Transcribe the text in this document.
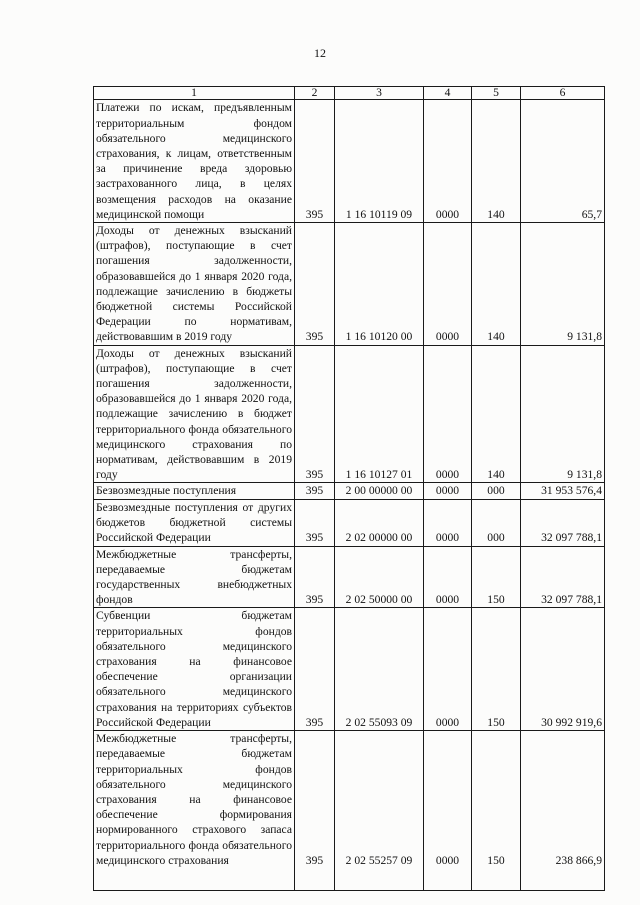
12
1	2	3	4	5	6
Платежи по искам, предъявленным территориальным фондом обязательного медицинского страхования, к лицам, ответственным за причинение вреда здоровью застрахованного лица, в целях возмещения расходов на оказание медицинской помощи	395	1 16 10119 09	0000	140	65,7
Доходы от денежных взысканий (штрафов), поступающие в счет погашения задолженности, образовавшейся до 1 января 2020 года, подлежащие зачислению в бюджеты бюджетной системы Российской Федерации по нормативам, действовавшим в 2019 году	395	1 16 10120 00	0000	140	9 131,8
Доходы от денежных взысканий (штрафов), поступающие в счет погашения задолженности, образовавшейся до 1 января 2020 года, подлежащие зачислению в бюджет территориального фонда обязательного медицинского страхования по нормативам, действовавшим в 2019 году	395	1 16 10127 01	0000	140	9 131,8
Безвозмездные поступления	395	2 00 00000 00	0000	000	31 953 576,4
Безвозмездные поступления от других бюджетов бюджетной системы Российской Федерации	395	2 02 00000 00	0000	000	32 097 788,1
Межбюджетные трансферты, передаваемые бюджетам государственных внебюджетных фондов	395	2 02 50000 00	0000	150	32 097 788,1
Субвенции бюджетам территориальных фондов обязательного медицинского страхования на финансовое обеспечение организации обязательного медицинского страхования на территориях субъектов Российской Федерации	395	2 02 55093 09	0000	150	30 992 919,6
Межбюджетные трансферты, передаваемые бюджетам территориальных фондов обязательного медицинского страхования на финансовое обеспечение формирования нормированного страхового запаса территориального фонда обязательного медицинского страхования	395	2 02 55257 09	0000	150	238 866,9
